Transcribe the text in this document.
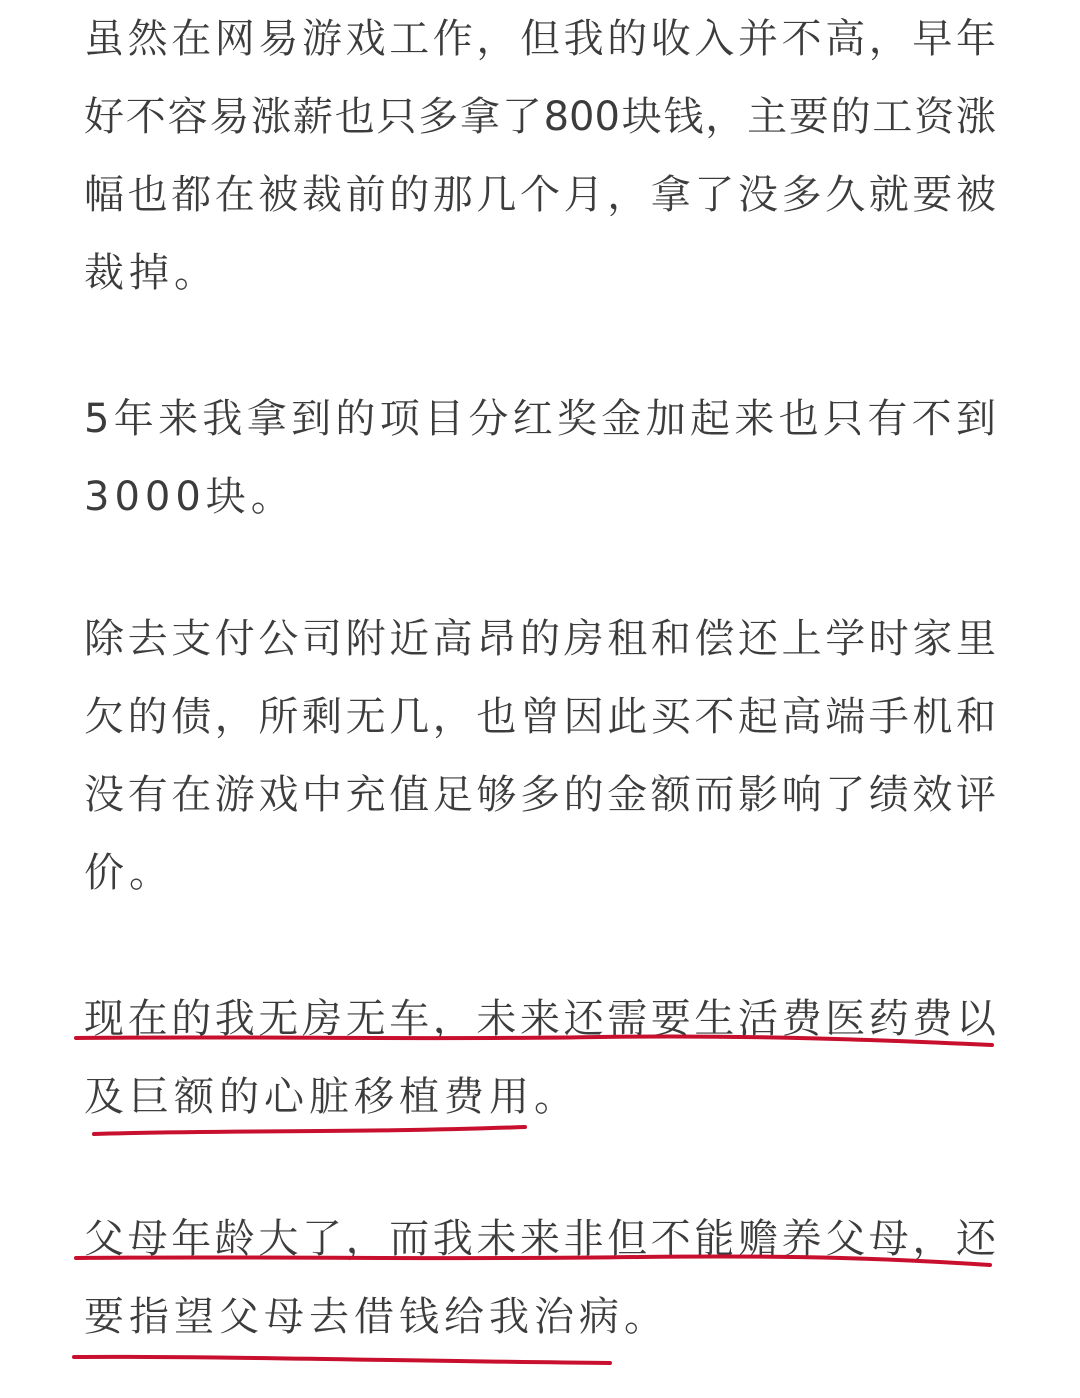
虽然在网易游戏工作，但我的收入并不高，早年
好不容易涨薪也只多拿了800块钱，主要的工资涨
幅也都在被裁前的那几个月，拿了没多久就要被
裁掉。
5年来我拿到的项目分红奖金加起来也只有不到
3000块。
除去支付公司附近高昂的房租和偿还上学时家里
欠的债，所剩无几，也曾因此买不起高端手机和
没有在游戏中充值足够多的金额而影响了绩效评
价。
现在的我无房无车，未来还需要生活费医药费以
及巨额的心脏移植费用。
父母年龄大了，而我未来非但不能赡养父母，还
要指望父母去借钱给我治病。
